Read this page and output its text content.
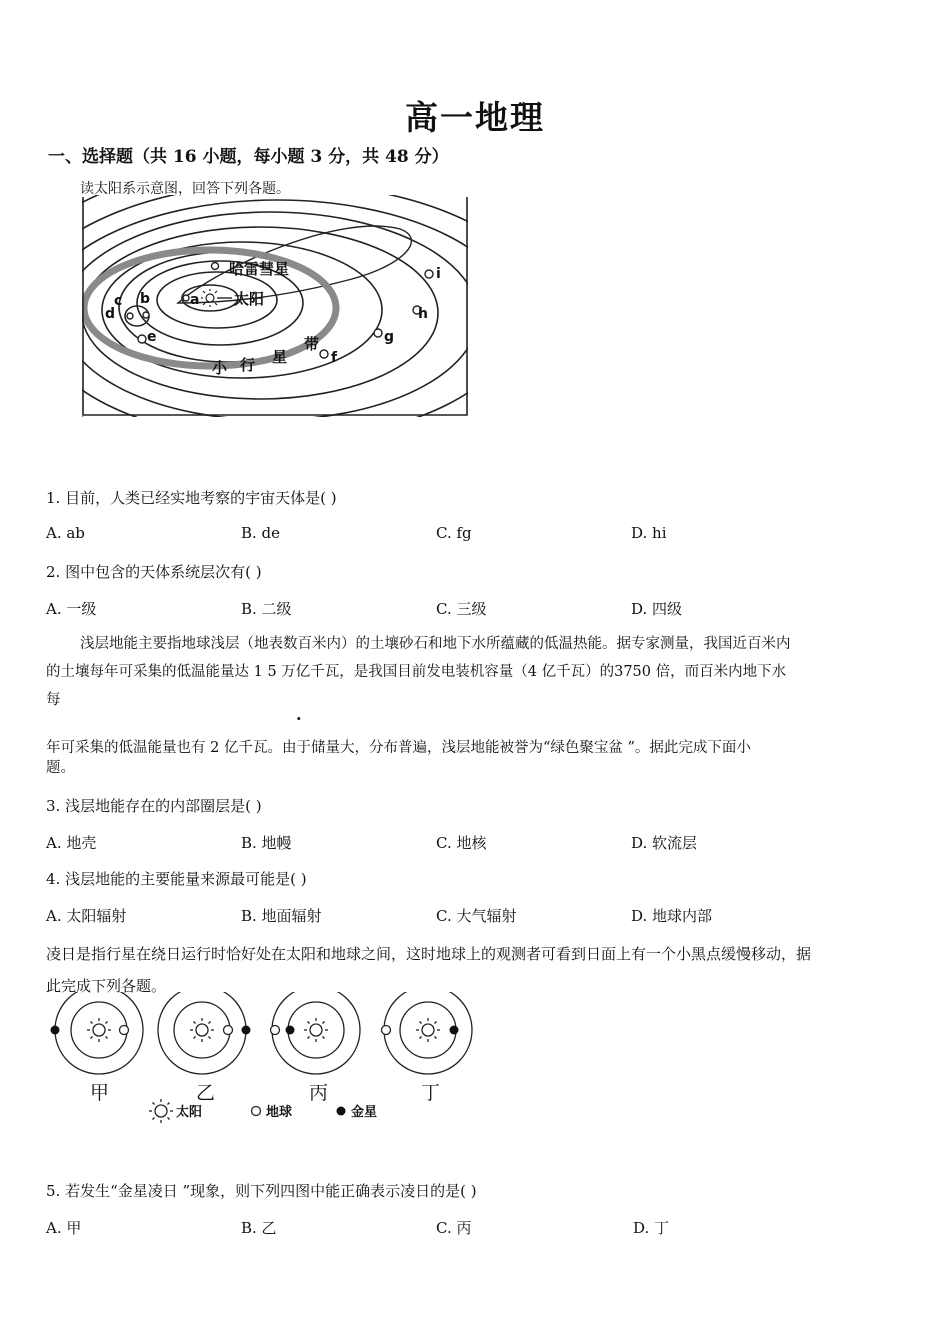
高一地理
一、选择题（共 16 小题，每小题 3 分，共 48 分）
读太阳系示意图，回答下列各题。
哈雷彗星
太阳
小 行 星
带
a
b
c
d
e
f
g
h
i
1. 目前，人类已经实地考察的宇宙天体是( )
A. ab	B. de	C. fg	D. hi
2. 图中包含的天体系统层次有( )
A. 一级	B. 二级	C. 三级	D. 四级
浅层地能主要指地球浅层（地表数百米内）的土壤砂石和地下水所蕴藏的低温热能。据专家测量，我国近百米内
的土壤每年可采集的低温能量达 1 5 万亿千瓦，是我国目前发电装机容量（4 亿千瓦）的3750 倍，而百米内地下水
每
.
年可采集的低温能量也有 2 亿千瓦。由于储量大，分布普遍，浅层地能被誉为“绿色聚宝盆 ”。据此完成下面小
题。
3. 浅层地能存在的内部圈层是( )
A. 地壳	B. 地幔	C. 地核	D. 软流层
4. 浅层地能的主要能量来源最可能是( )
A. 太阳辐射	B. 地面辐射	C. 大气辐射	D. 地球内部
凌日是指行星在绕日运行时恰好处在太阳和地球之间，这时地球上的观测者可看到日面上有一个小黑点缓慢移动，据
此完成下列各题。
甲	乙	丙	丁
太阳	地球	金星
5. 若发生“金星凌日 ”现象，则下列四图中能正确表示凌日的是( )
A. 甲	B. 乙	C. 丙	D. 丁
